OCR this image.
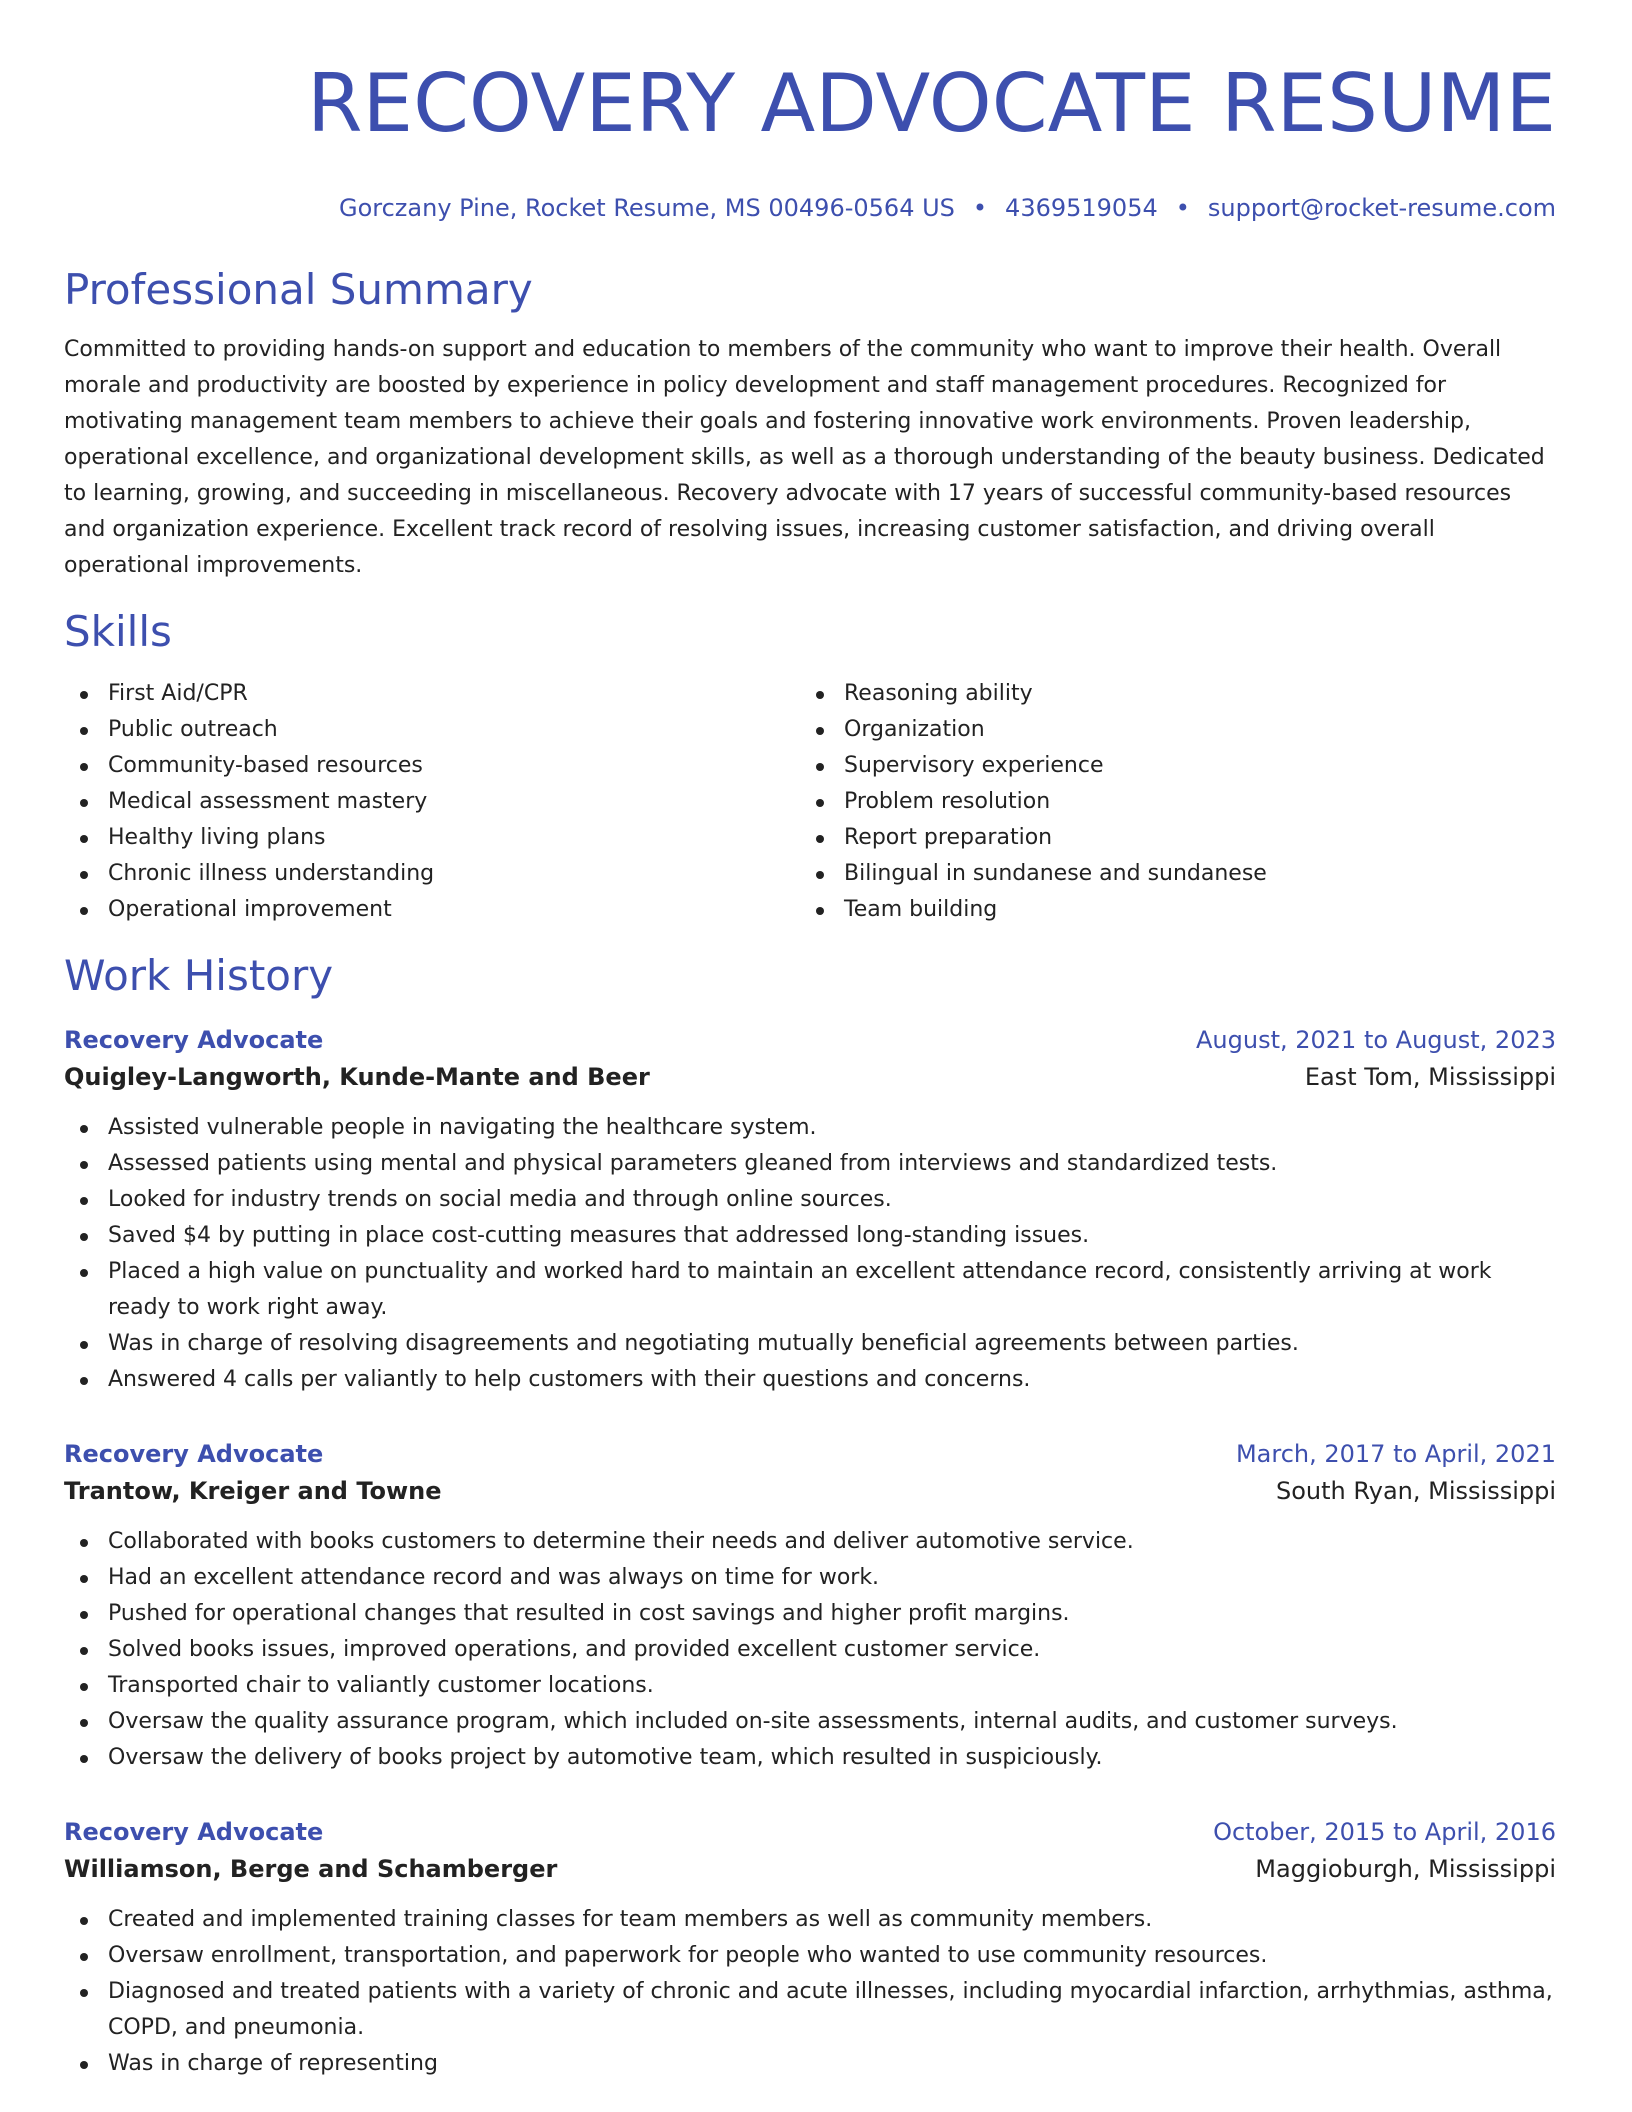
RECOVERY ADVOCATE RESUME
Gorczany Pine, Rocket Resume, MS 00496-0564 US • 4369519054 • support@rocket-resume.com
Professional Summary

Committed to providing hands-on support and education to members of the community who want to improve their health. Overall morale and productivity are boosted by experience in policy development and staff management procedures. Recognized for motivating management team members to achieve their goals and fostering innovative work environments. Proven leadership, operational excellence, and organizational development skills, as well as a thorough understanding of the beauty business. Dedicated to learning, growing, and succeeding in miscellaneous. Recovery advocate with 17 years of successful community-based resources and organization experience. Excellent track record of resolving issues, increasing customer satisfaction, and driving overall operational improvements.

Skills
First Aid/CPR
Public outreach
Community-based resources
Medical assessment mastery
Healthy living plans
Chronic illness understanding
Operational improvement
Reasoning ability
Organization
Supervisory experience
Problem resolution
Report preparation
Bilingual in sundanese and sundanese
Team building
Work History
Recovery Advocate	August, 2021 to August, 2023
Quigley-Langworth, Kunde-Mante and Beer	East Tom, Mississippi
Assisted vulnerable people in navigating the healthcare system.
Assessed patients using mental and physical parameters gleaned from interviews and standardized tests.
Looked for industry trends on social media and through online sources.
Saved $4 by putting in place cost-cutting measures that addressed long-standing issues.
Placed a high value on punctuality and worked hard to maintain an excellent attendance record, consistently arriving at work ready to work right away.
Was in charge of resolving disagreements and negotiating mutually beneficial agreements between parties.
Answered 4 calls per valiantly to help customers with their questions and concerns.
Recovery Advocate	March, 2017 to April, 2021
Trantow, Kreiger and Towne	South Ryan, Mississippi
Collaborated with books customers to determine their needs and deliver automotive service.
Had an excellent attendance record and was always on time for work.
Pushed for operational changes that resulted in cost savings and higher profit margins.
Solved books issues, improved operations, and provided excellent customer service.
Transported chair to valiantly customer locations.
Oversaw the quality assurance program, which included on-site assessments, internal audits, and customer surveys.
Oversaw the delivery of books project by automotive team, which resulted in suspiciously.
Recovery Advocate	October, 2015 to April, 2016
Williamson, Berge and Schamberger	Maggioburgh, Mississippi
Created and implemented training classes for team members as well as community members.
Oversaw enrollment, transportation, and paperwork for people who wanted to use community resources.
Diagnosed and treated patients with a variety of chronic and acute illnesses, including myocardial infarction, arrhythmias, asthma, COPD, and pneumonia.
Was in charge of representing
